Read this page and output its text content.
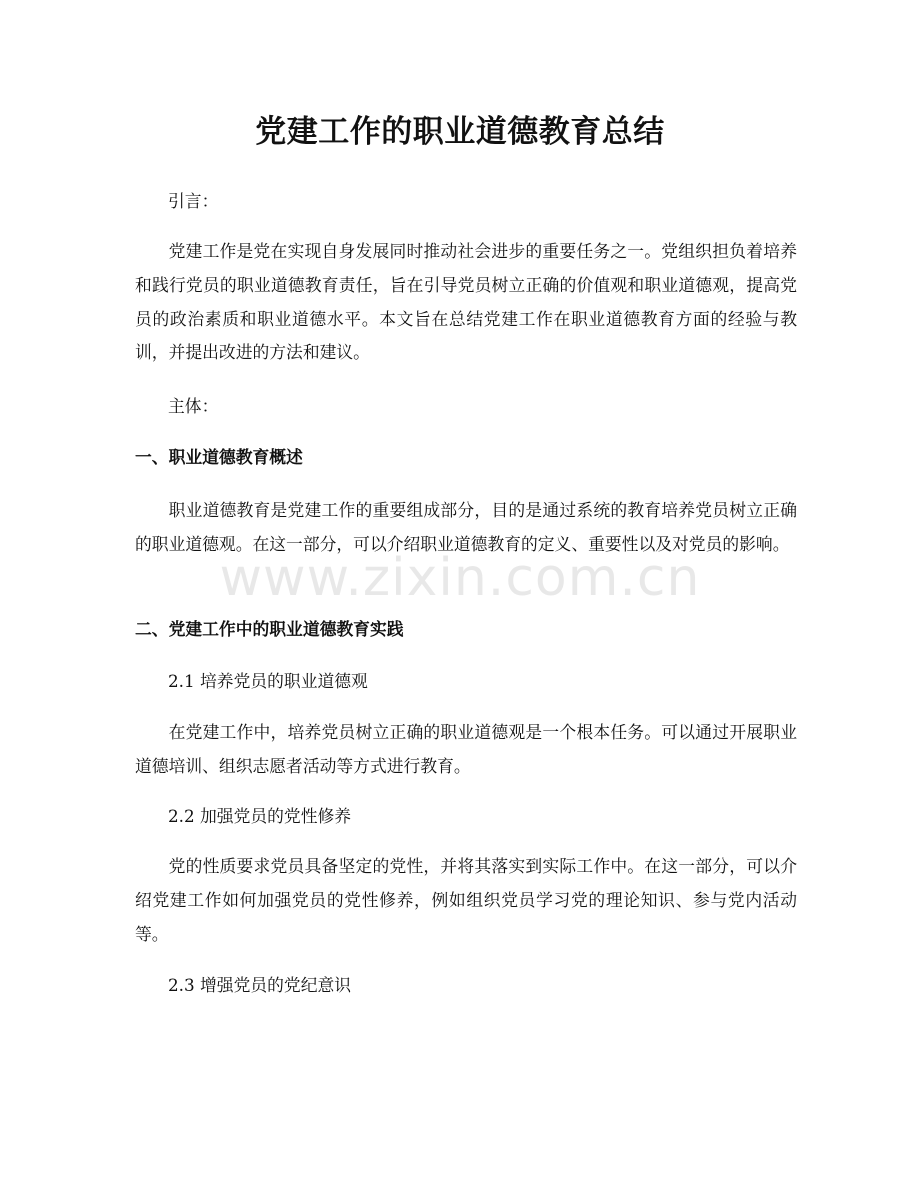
党建工作的职业道德教育总结

引言：

党建工作是党在实现自身发展同时推动社会进步的重要任务之一。党组织担负着培养和践行党员的职业道德教育责任，旨在引导党员树立正确的价值观和职业道德观，提高党员的政治素质和职业道德水平。本文旨在总结党建工作在职业道德教育方面的经验与教训，并提出改进的方法和建议。

主体：

一、职业道德教育概述

职业道德教育是党建工作的重要组成部分，目的是通过系统的教育培养党员树立正确的职业道德观。在这一部分，可以介绍职业道德教育的定义、重要性以及对党员的影响。

二、党建工作中的职业道德教育实践

2.1 培养党员的职业道德观

在党建工作中，培养党员树立正确的职业道德观是一个根本任务。可以通过开展职业道德培训、组织志愿者活动等方式进行教育。

2.2 加强党员的党性修养

党的性质要求党员具备坚定的党性，并将其落实到实际工作中。在这一部分，可以介绍党建工作如何加强党员的党性修养，例如组织党员学习党的理论知识、参与党内活动等。

2.3 增强党员的党纪意识

www.zixin.com.cn
